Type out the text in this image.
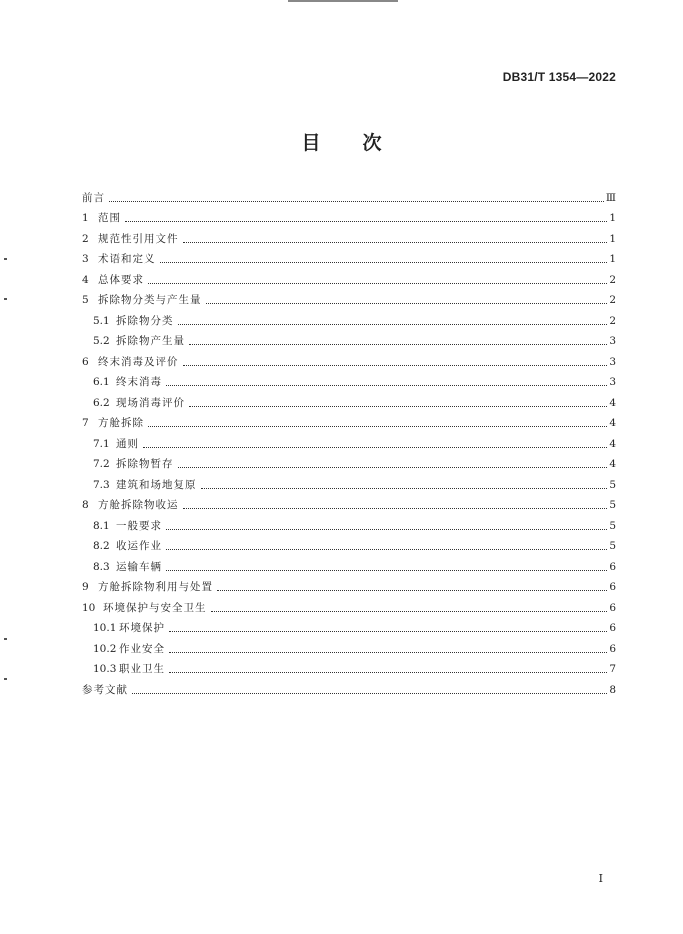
DB31/T 1354—2022
目 次
前言	Ⅲ
1 范围	1
2 规范性引用文件	1
3 术语和定义	1
4 总体要求	2
5 拆除物分类与产生量	2
5.1 拆除物分类	2
5.2 拆除物产生量	3
6 终末消毒及评价	3
6.1 终末消毒	3
6.2 现场消毒评价	4
7 方舱拆除	4
7.1 通则	4
7.2 拆除物暂存	4
7.3 建筑和场地复原	5
8 方舱拆除物收运	5
8.1 一般要求	5
8.2 收运作业	5
8.3 运输车辆	6
9 方舱拆除物利用与处置	6
10 环境保护与安全卫生	6
10.1 环境保护	6
10.2 作业安全	6
10.3 职业卫生	7
参考文献	8
I
